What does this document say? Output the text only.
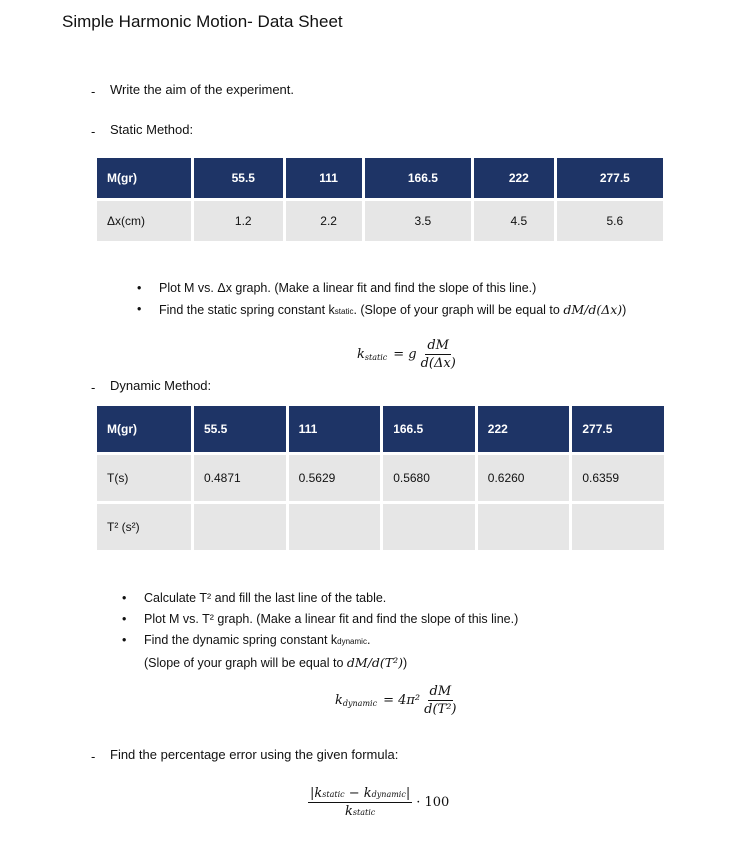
Simple Harmonic Motion- Data Sheet
- Write the aim of the experiment.
- Static Method:
M(gr)	55.5	111	166.5	222	277.5
Δx(cm)	1.2	2.2	3.5	4.5	5.6
• Plot M vs. Δx graph. (Make a linear fit and find the slope of this line.)
• Find the static spring constant kstatic. (Slope of your graph will be equal to dM/d(Δx))
k static = g $\frac{dM}{d(\Delta x)}$
- Dynamic Method:
M(gr)	55.5	111	166.5	222	277.5
T(s)	0.4871	0.5629	0.5680	0.6260	0.6359
T² (s²)					
• Calculate T² and fill the last line of the table.
• Plot M vs. T² graph. (Make a linear fit and find the slope of this line.)
• Find the dynamic spring constant kdynamic.
(Slope of your graph will be equal to dM/d(T²))
k dynamic = $4\pi^2 \frac{dM}{\text{d(T²)}}$
- Find the percentage error using the given formula:
$\frac{\text{|kstatic − kdynamic|}}{\text{kstatic}} \cdot 100$
